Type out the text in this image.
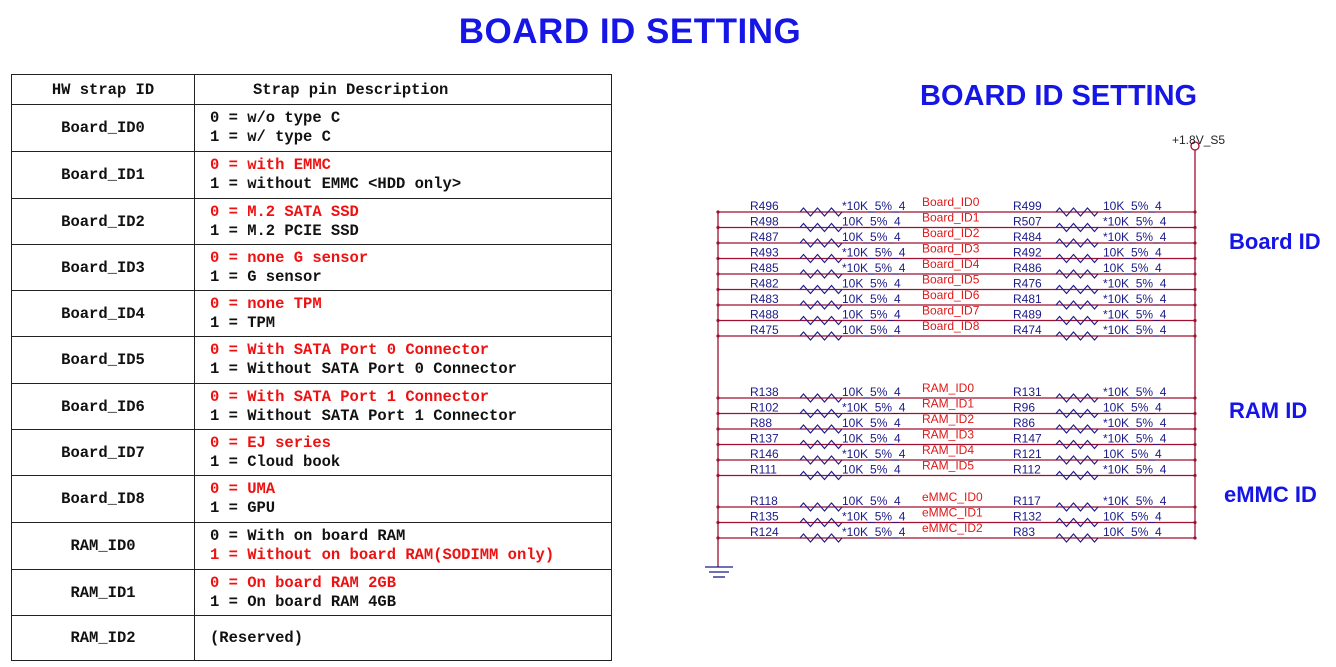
BOARD ID SETTING
HW strap ID	Strap pin Description
Board_ID0	0 = w/o type C
1 = w/ type C

Board_ID1	0 = with EMMC
1 = without EMMC <HDD only>

Board_ID2	0 = M.2 SATA SSD
1 = M.2 PCIE SSD

Board_ID3	0 = none G sensor
1 = G sensor

Board_ID4	0 = none TPM
1 = TPM

Board_ID5	0 = With SATA Port 0 Connector
1 = Without SATA Port 0 Connector

Board_ID6	0 = With SATA Port 1 Connector
1 = Without SATA Port 1 Connector

Board_ID7	0 = EJ series
1 = Cloud book

Board_ID8	0 = UMA
1 = GPU

RAM_ID0	0 = With on board RAM
1 = Without on board RAM(SODIMM only)

RAM_ID1	0 = On board RAM 2GB
1 = On board RAM 4GB

RAM_ID2	(Reserved)
BOARD ID SETTING
Board ID
RAM ID
eMMC ID
R496	*10K_5%_4 Board_ID0	R499	10K_5%_4
R498	10K_5%_4 Board_ID1	R507	*10K_5%_4
R487	10K_5%_4 Board_ID2	R484	*10K_5%_4
R493	*10K_5%_4 Board_ID3	R492	10K_5%_4
R485	*10K_5%_4 Board_ID4	R486	10K_5%_4
R482	10K_5%_4 Board_ID5	R476	*10K_5%_4
R483	10K_5%_4 Board_ID6	R481	*10K_5%_4
R488	10K_5%_4 Board_ID7	R489	*10K_5%_4
R475	10K_5%_4 Board_ID8	R474	*10K_5%_4
R138	10K_5%_4 RAM_ID0	R131	*10K_5%_4
R102	*10K_5%_4 RAM_ID1	R96	10K_5%_4
R88	10K_5%_4 RAM_ID2	R86	*10K_5%_4
R137	10K_5%_4 RAM_ID3	R147	*10K_5%_4
R146	*10K_5%_4 RAM_ID4	R121	10K_5%_4
R111	10K_5%_4 RAM_ID5	R112	*10K_5%_4
R118	10K_5%_4 eMMC_ID0	R117	*10K_5%_4
R135	*10K_5%_4 eMMC_ID1	R132	10K_5%_4
R124	*10K_5%_4 eMMC_ID2	R83	10K_5%_4
+1.8V_S5
